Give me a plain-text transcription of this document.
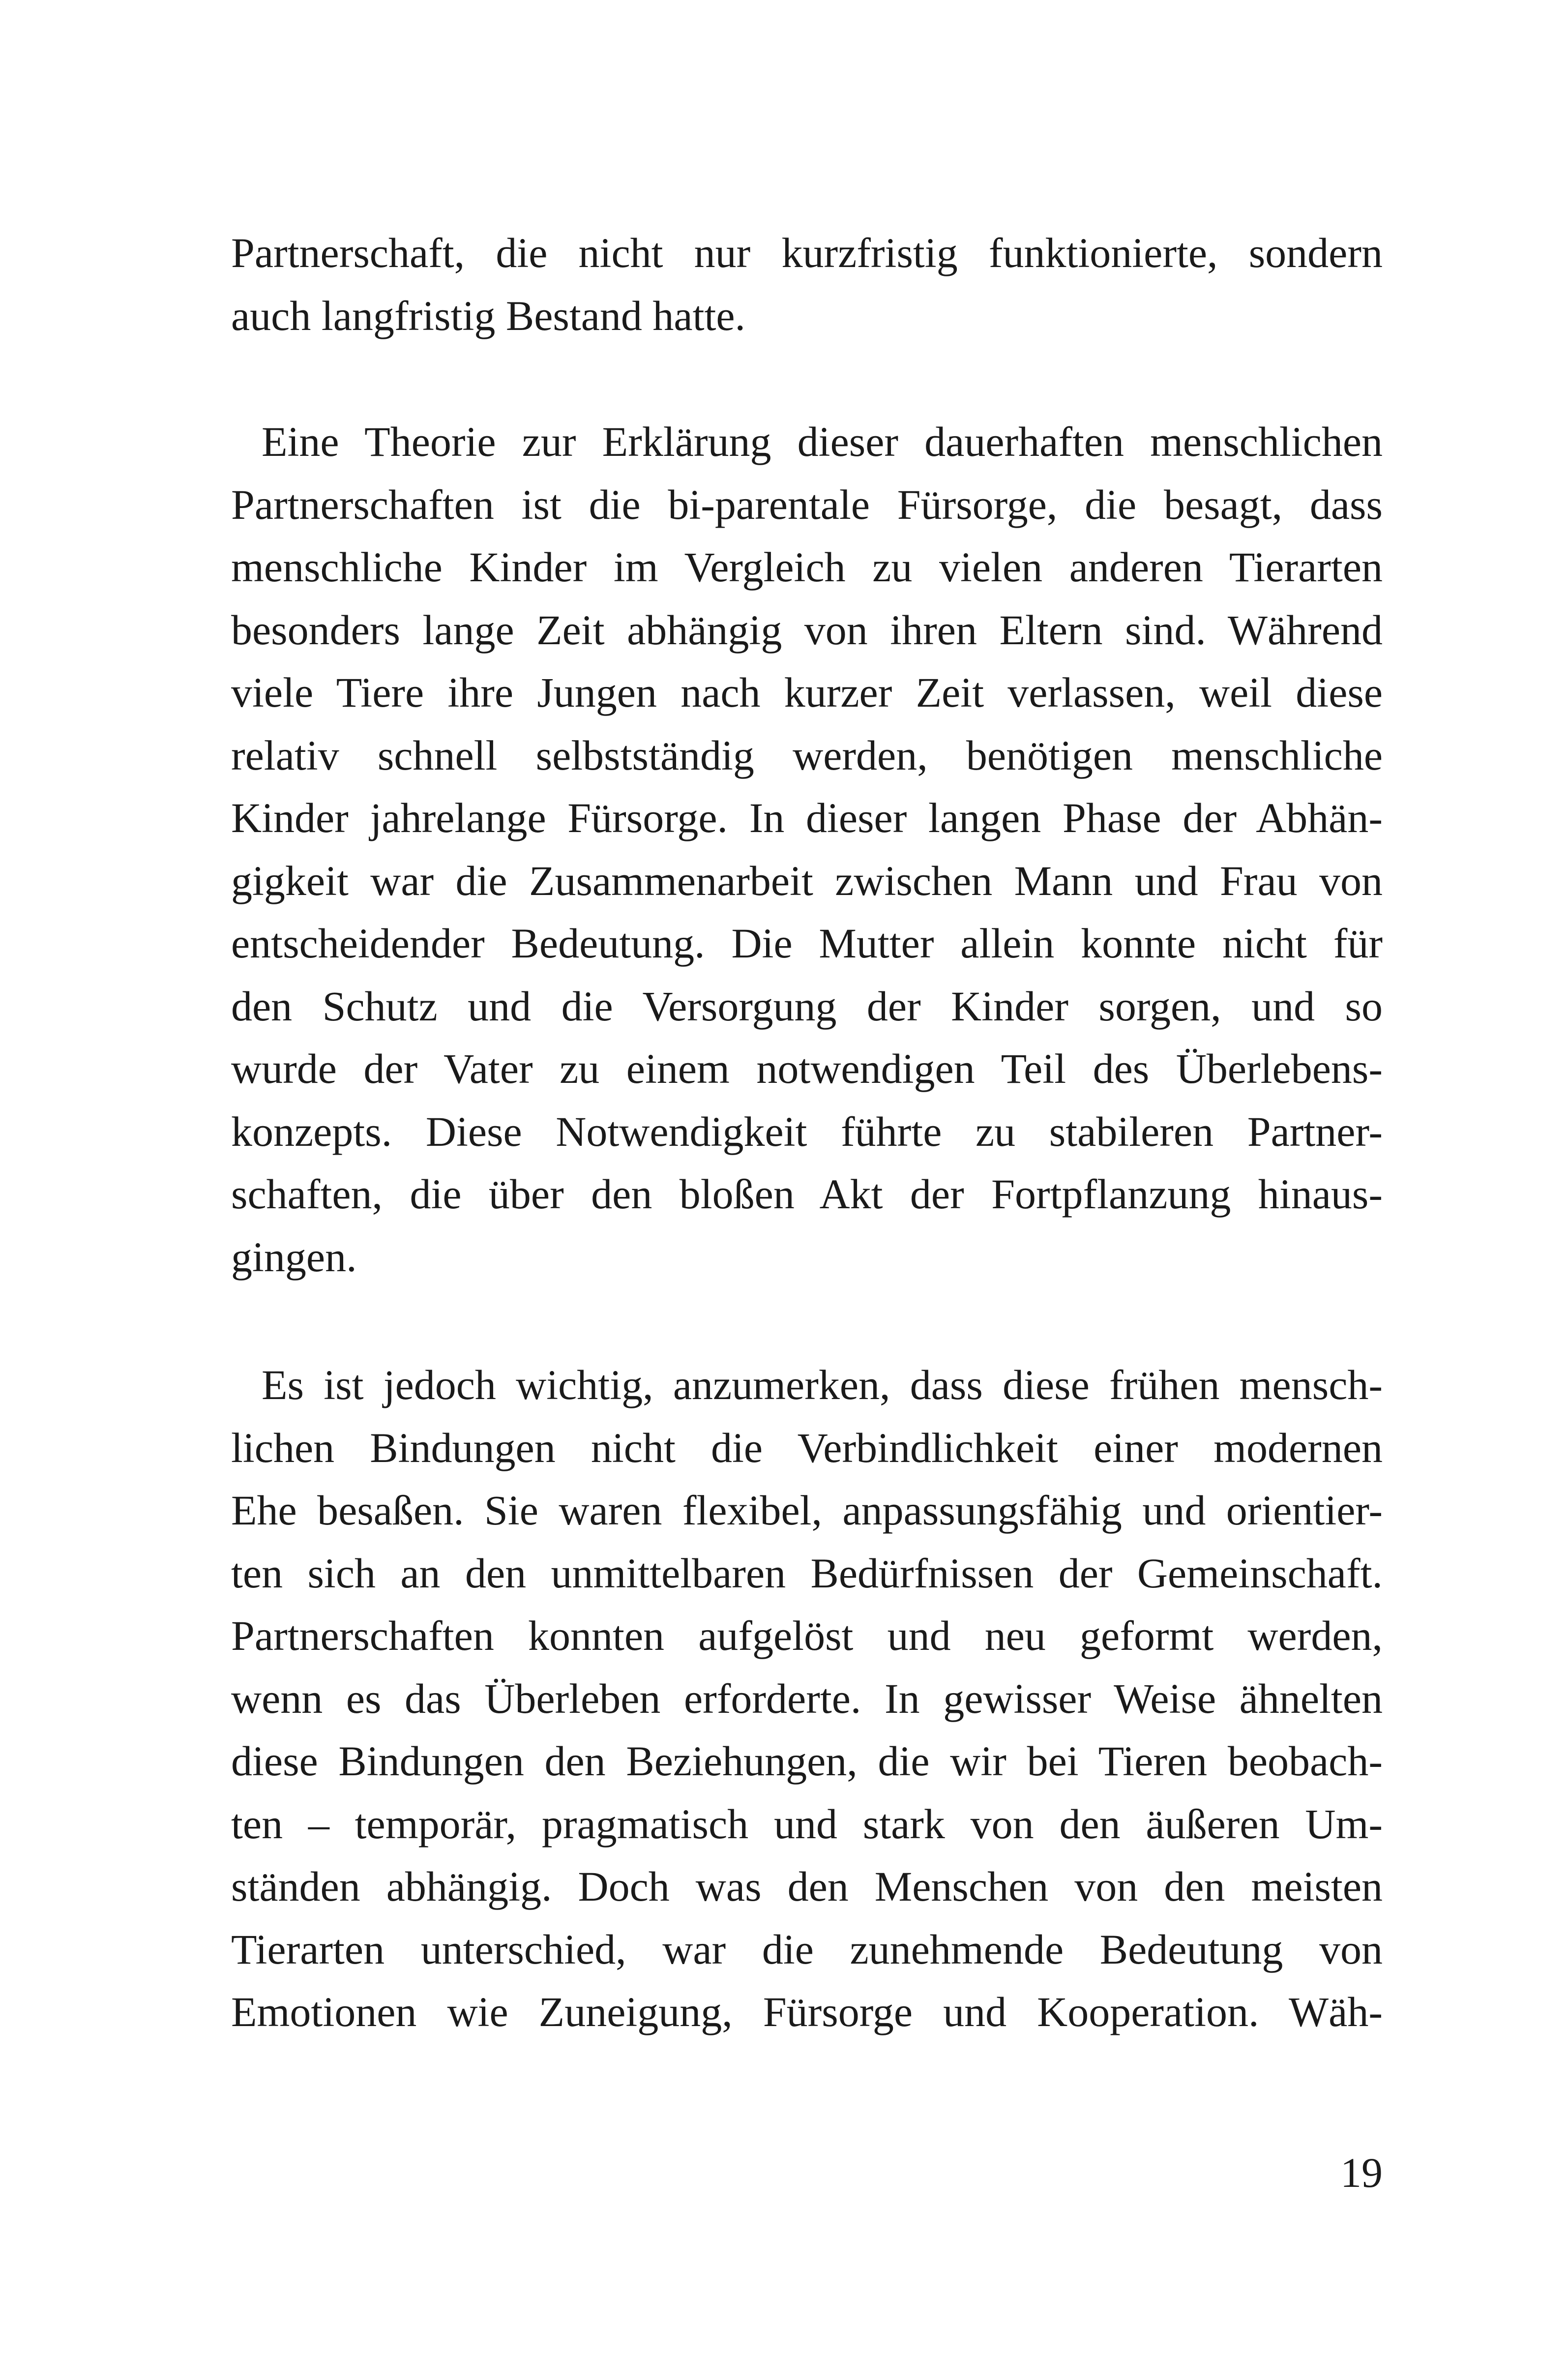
Partnerschaft, die nicht nur kurzfristig funktionierte, sondern
auch langfristig Bestand hatte.
Eine Theorie zur Erklärung dieser dauerhaften menschlichen
Partnerschaften ist die bi-parentale Fürsorge, die besagt, dass
menschliche Kinder im Vergleich zu vielen anderen Tierarten
besonders lange Zeit abhängig von ihren Eltern sind. Während
viele Tiere ihre Jungen nach kurzer Zeit verlassen, weil diese
relativ schnell selbstständig werden, benötigen menschliche
Kinder jahrelange Fürsorge. In dieser langen Phase der Abhän-
gigkeit war die Zusammenarbeit zwischen Mann und Frau von
entscheidender Bedeutung. Die Mutter allein konnte nicht für
den Schutz und die Versorgung der Kinder sorgen, und so
wurde der Vater zu einem notwendigen Teil des Überlebens-
konzepts. Diese Notwendigkeit führte zu stabileren Partner-
schaften, die über den bloßen Akt der Fortpflanzung hinaus-
gingen.
Es ist jedoch wichtig, anzumerken, dass diese frühen mensch-
lichen Bindungen nicht die Verbindlichkeit einer modernen
Ehe besaßen. Sie waren flexibel, anpassungsfähig und orientier-
ten sich an den unmittelbaren Bedürfnissen der Gemeinschaft.
Partnerschaften konnten aufgelöst und neu geformt werden,
wenn es das Überleben erforderte. In gewisser Weise ähnelten
diese Bindungen den Beziehungen, die wir bei Tieren beobach-
ten – temporär, pragmatisch und stark von den äußeren Um-
ständen abhängig. Doch was den Menschen von den meisten
Tierarten unterschied, war die zunehmende Bedeutung von
Emotionen wie Zuneigung, Fürsorge und Kooperation. Wäh-
19
